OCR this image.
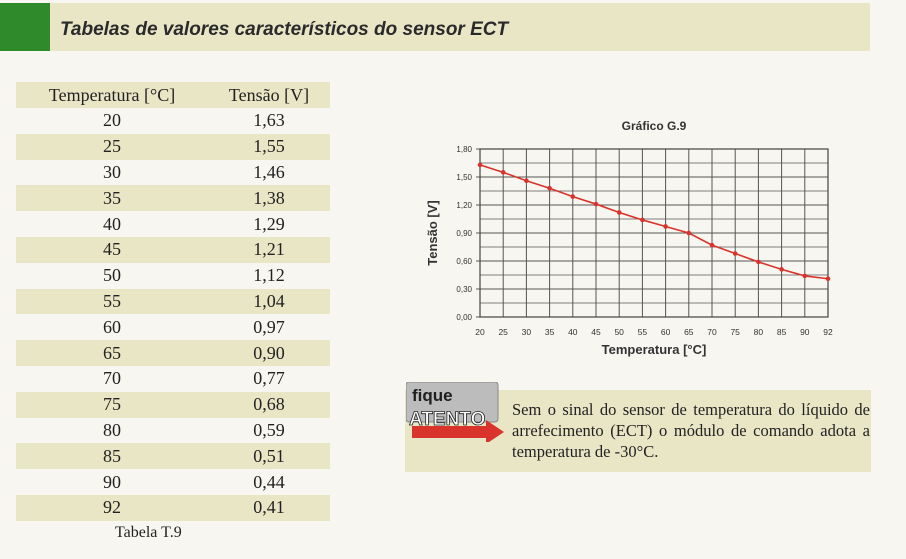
Tabelas de valores característicos do sensor ECT
Temperatura [°C]	Tensão [V]
20	1,63
25	1,55
30	1,46
35	1,38
40	1,29
45	1,21
50	1,12
55	1,04
60	0,97
65	0,90
70	0,77
75	0,68
80	0,59
85	0,51
90	0,44
92	0,41
Tabela T.9
Gráfico G.9
20 25 30 35 40 45 50 55 60 65 70 75 80 85 90 92
0,00
0,30
0,60
0,90
1,20
1,50
1,80
Temperatura [°C]
Tensão [V]
fique
ATENTO Sem o sinal do sensor de temperatura do líquido de arrefecimento (ECT) o módulo de comando adota a temperatura de -30°C.
